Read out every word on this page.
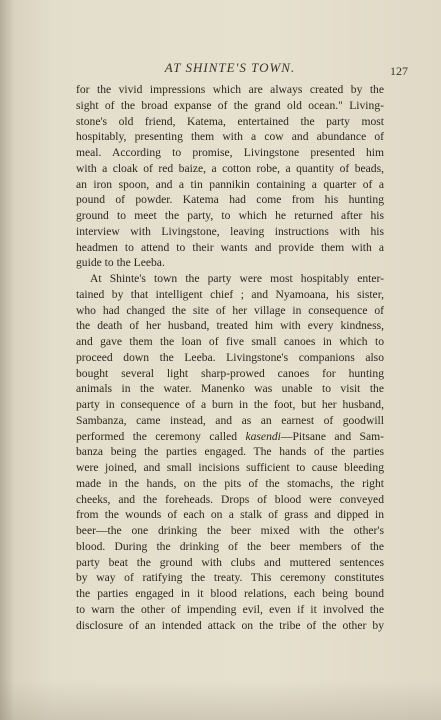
AT SHINTE'S TOWN.	127

for the vivid impressions which are always created by the
sight of the broad expanse of the grand old ocean." Living-
stone's old friend, Katema, entertained the party most
hospitably, presenting them with a cow and abundance of
meal. According to promise, Livingstone presented him
with a cloak of red baize, a cotton robe, a quantity of beads,
an iron spoon, and a tin pannikin containing a quarter of a
pound of powder. Katema had come from his hunting
ground to meet the party, to which he returned after his
interview with Livingstone, leaving instructions with his
headmen to attend to their wants and provide them with a
guide to the Leeba.

At Shinte's town the party were most hospitably enter-
tained by that intelligent chief ; and Nyamoana, his sister,
who had changed the site of her village in consequence of
the death of her husband, treated him with every kindness,
and gave them the loan of five small canoes in which to
proceed down the Leeba. Livingstone's companions also
bought several light sharp-prowed canoes for hunting
animals in the water. Manenko was unable to visit the
party in consequence of a burn in the foot, but her husband,
Sambanza, came instead, and as an earnest of goodwill
performed the ceremony called kasendi—Pitsane and Sam-
banza being the parties engaged. The hands of the parties
were joined, and small incisions sufficient to cause bleeding
made in the hands, on the pits of the stomachs, the right
cheeks, and the foreheads. Drops of blood were conveyed
from the wounds of each on a stalk of grass and dipped in
beer—the one drinking the beer mixed with the other's
blood. During the drinking of the beer members of the
party beat the ground with clubs and muttered sentences
by way of ratifying the treaty. This ceremony constitutes
the parties engaged in it blood relations, each being bound
to warn the other of impending evil, even if it involved the
disclosure of an intended attack on the tribe of the other by
